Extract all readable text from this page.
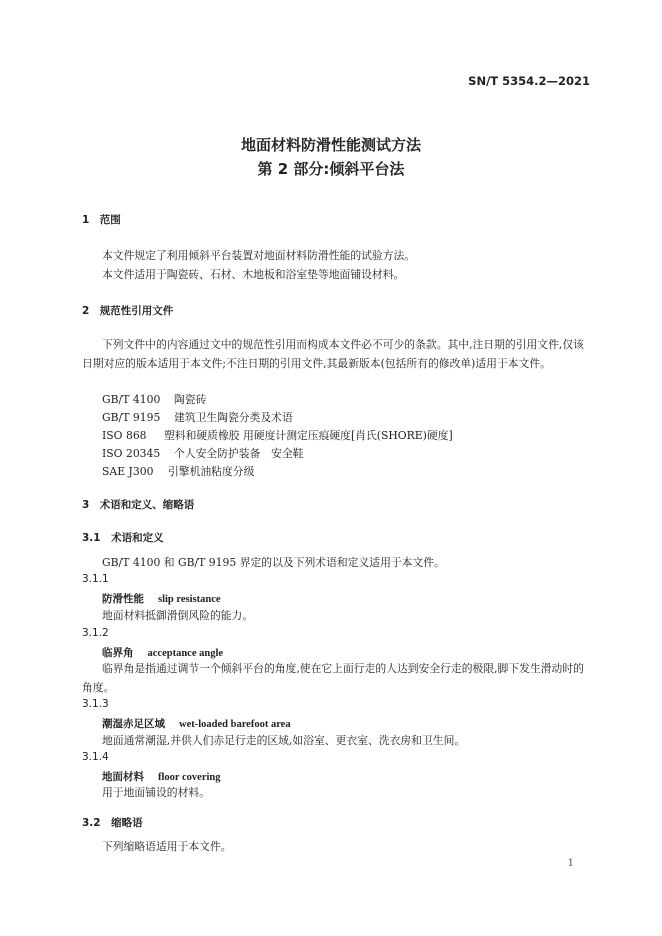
SN/T 5354.2—2021
地面材料防滑性能测试方法
第 2 部分:倾斜平台法
1　范围
本文件规定了利用倾斜平台装置对地面材料防滑性能的试验方法。
本文件适用于陶瓷砖、石材、木地板和浴室垫等地面铺设材料。
2　规范性引用文件
下列文件中的内容通过文中的规范性引用而构成本文件必不可少的条款。其中,注日期的引用文件,仅该日期对应的版本适用于本文件;不注日期的引用文件,其最新版本(包括所有的修改单)适用于本文件。
GB/T 4100 陶瓷砖
GB/T 9195 建筑卫生陶瓷分类及术语
ISO 868 塑料和硬质橡胶 用硬度计测定压痕硬度[肖氏(SHORE)硬度]
ISO 20345 个人安全防护装备　安全鞋
SAE J300 引擎机油粘度分级
3　术语和定义、缩略语
3.1　术语和定义
GB/T 4100 和 GB/T 9195 界定的以及下列术语和定义适用于本文件。
3.1.1
防滑性能 slip resistance
地面材料抵御滑倒风险的能力。
3.1.2
临界角 acceptance angle
临界角是指通过调节一个倾斜平台的角度,使在它上面行走的人达到安全行走的极限,脚下发生滑动时的角度。
3.1.3
潮湿赤足区域 wet-loaded barefoot area
地面通常潮湿,并供人们赤足行走的区域,如浴室、更衣室、洗衣房和卫生间。
3.1.4
地面材料 floor covering
用于地面铺设的材料。
3.2　缩略语
下列缩略语适用于本文件。
1
